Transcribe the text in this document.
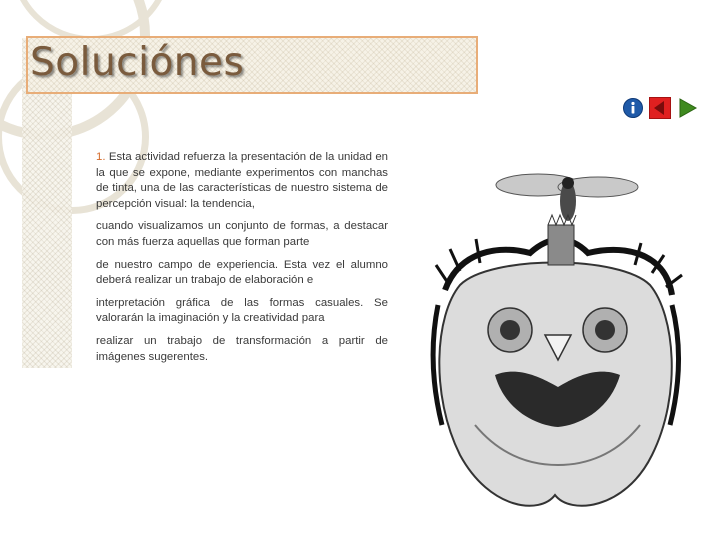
Soluciónes

1. Esta actividad refuerza la presentación de la unidad en la que se expone, mediante experimentos con manchas de tinta, una de las características de nuestro sistema de percepción visual: la tendencia,

cuando visualizamos un conjunto de formas, a destacar con más fuerza aquellas que forman parte

de nuestro campo de experiencia. Esta vez el alumno deberá realizar un trabajo de elaboración e

interpretación gráfica de las formas casuales. Se valorarán la imaginación y la creatividad para

realizar un trabajo de transformación a partir de imágenes sugerentes.
